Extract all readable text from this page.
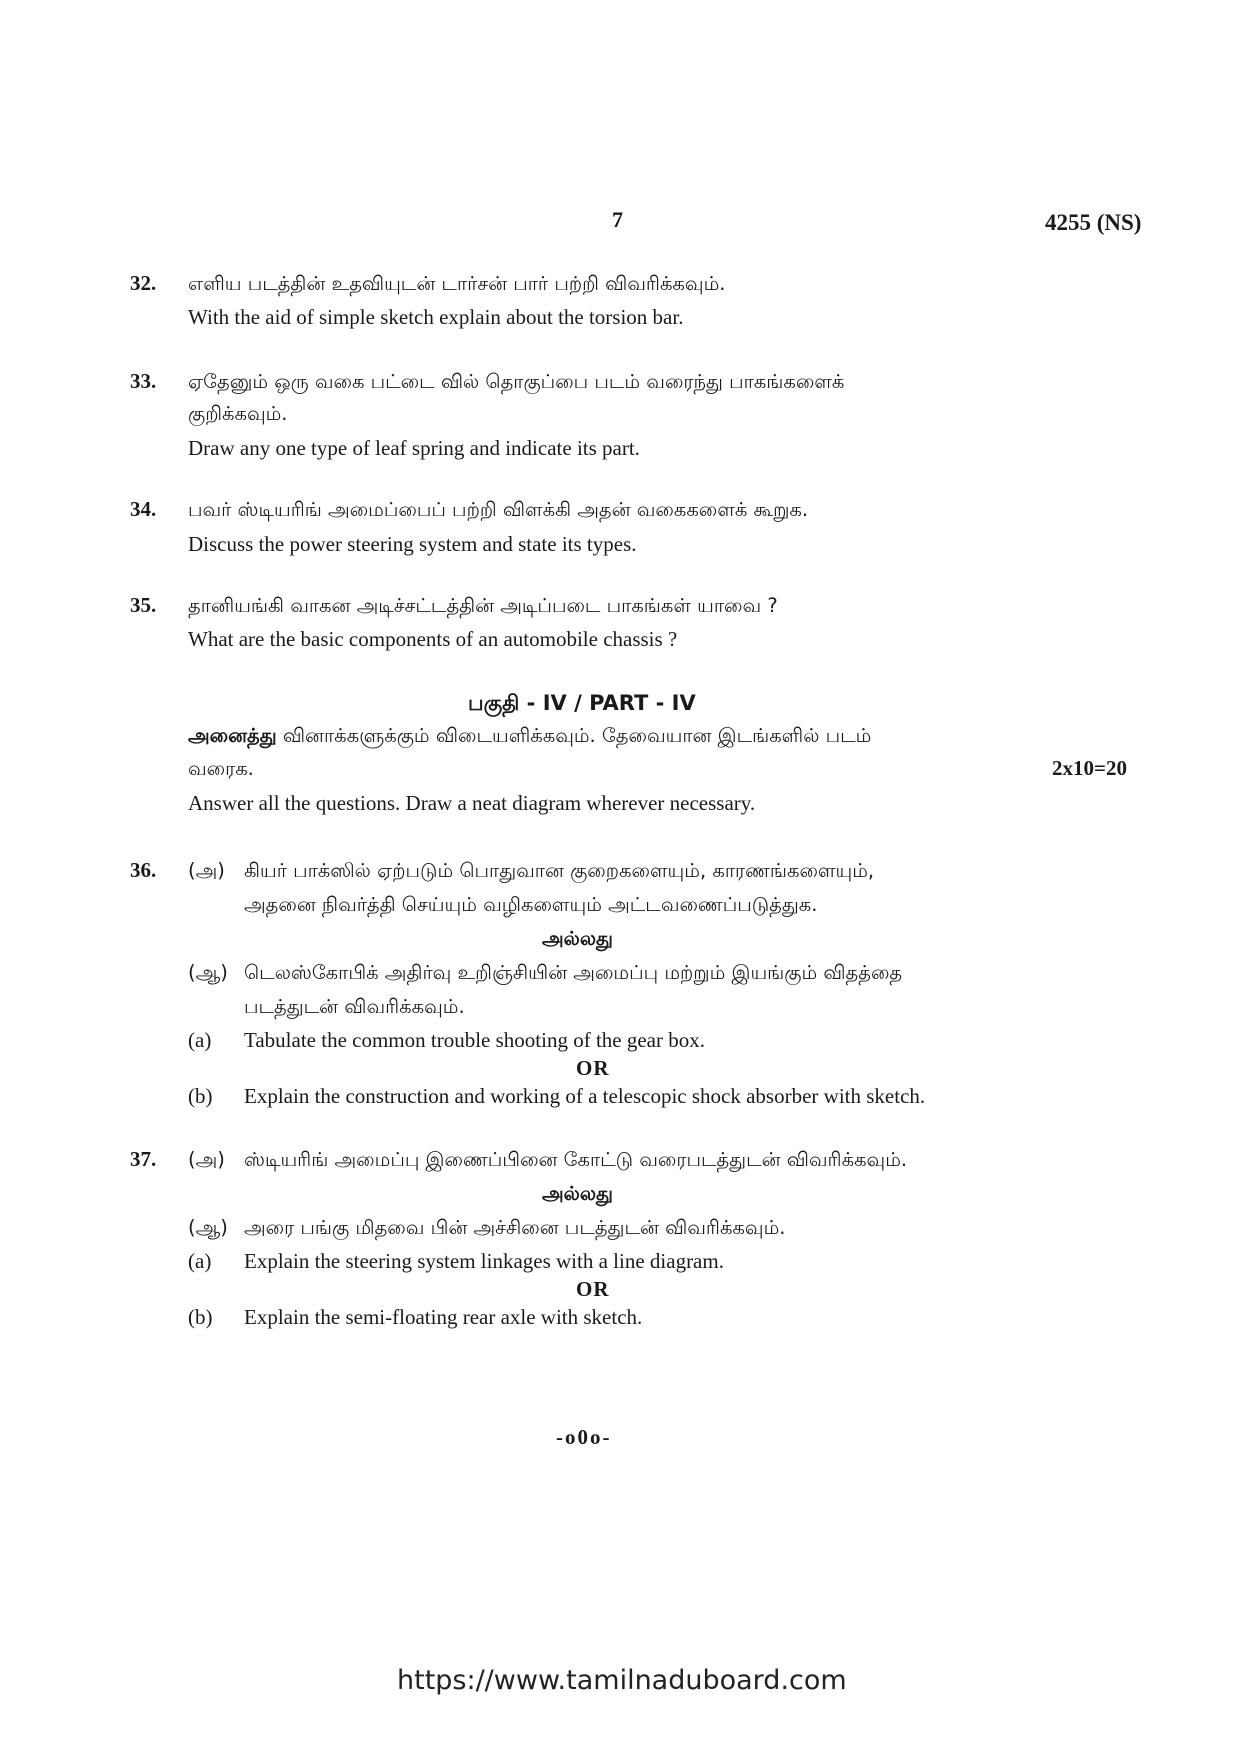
7	4255 (NS)
32. எளிய படத்தின் உதவியுடன் டார்சன் பார் பற்றி விவரிக்கவும்.
With the aid of simple sketch explain about the torsion bar.
33. ஏதேனும் ஒரு வகை பட்டை வில் தொகுப்பை படம் வரைந்து பாகங்களைக்
குறிக்கவும்.
Draw any one type of leaf spring and indicate its part.
34. பவர் ஸ்டியரிங் அமைப்பைப் பற்றி விளக்கி அதன் வகைகளைக் கூறுக.
Discuss the power steering system and state its types.
35. தானியங்கி வாகன அடிச்சட்டத்தின் அடிப்படை பாகங்கள் யாவை ?
What are the basic components of an automobile chassis ?
பகுதி - IV / PART - IV
அனைத்து வினாக்களுக்கும் விடையளிக்கவும். தேவையான இடங்களில் படம்
வரைக.	2x10=20
Answer all the questions. Draw a neat diagram wherever necessary.
36. (அ) கியர் பாக்ஸில் ஏற்படும் பொதுவான குறைகளையும், காரணங்களையும்,
அதனை நிவர்த்தி செய்யும் வழிகளையும் அட்டவணைப்படுத்துக.
அல்லது
(ஆ) டெலஸ்கோபிக் அதிர்வு உறிஞ்சியின் அமைப்பு மற்றும் இயங்கும் விதத்தை
படத்துடன் விவரிக்கவும்.
(a) Tabulate the common trouble shooting of the gear box.
OR
(b) Explain the construction and working of a telescopic shock absorber with sketch.
37. (அ) ஸ்டியரிங் அமைப்பு இணைப்பினை கோட்டு வரைபடத்துடன் விவரிக்கவும்.
அல்லது
(ஆ) அரை பங்கு மிதவை பின் அச்சினை படத்துடன் விவரிக்கவும்.
(a) Explain the steering system linkages with a line diagram.
OR
(b) Explain the semi-floating rear axle with sketch.
-o0o-
https://www.tamilnaduboard.com
